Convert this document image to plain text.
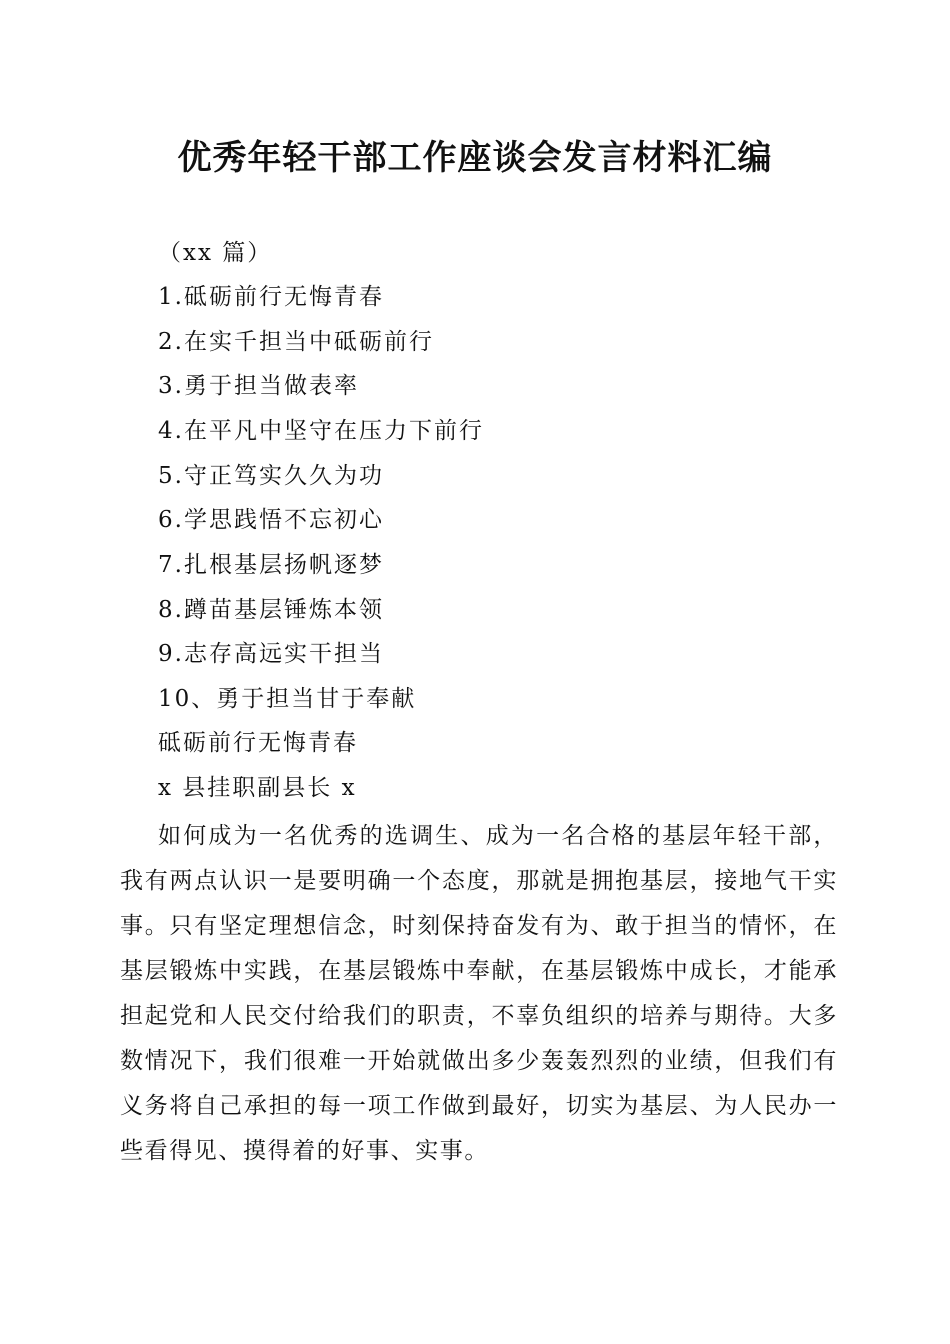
优秀年轻干部工作座谈会发言材料汇编

（xx 篇）

1.砥砺前行无悔青春

2.在实千担当中砥砺前行

3.勇于担当做表率

4.在平凡中坚守在压力下前行

5.守正笃实久久为功

6.学思践悟不忘初心

7.扎根基层扬帆逐梦

8.蹲苗基层锤炼本领

9.志存高远实干担当

10、勇于担当甘于奉献

砥砺前行无悔青春

x 县挂职副县长 x

如何成为一名优秀的选调生、成为一名合格的基层年轻干部，我有两点认识一是要明确一个态度，那就是拥抱基层，接地气干实事。只有坚定理想信念，时刻保持奋发有为、敢于担当的情怀，在基层锻炼中实践，在基层锻炼中奉献，在基层锻炼中成长，才能承担起党和人民交付给我们的职责，不辜负组织的培养与期待。大多数情况下，我们很难一开始就做出多少轰轰烈烈的业绩，但我们有义务将自己承担的每一项工作做到最好，切实为基层、为人民办一些看得见、摸得着的好事、实事。
